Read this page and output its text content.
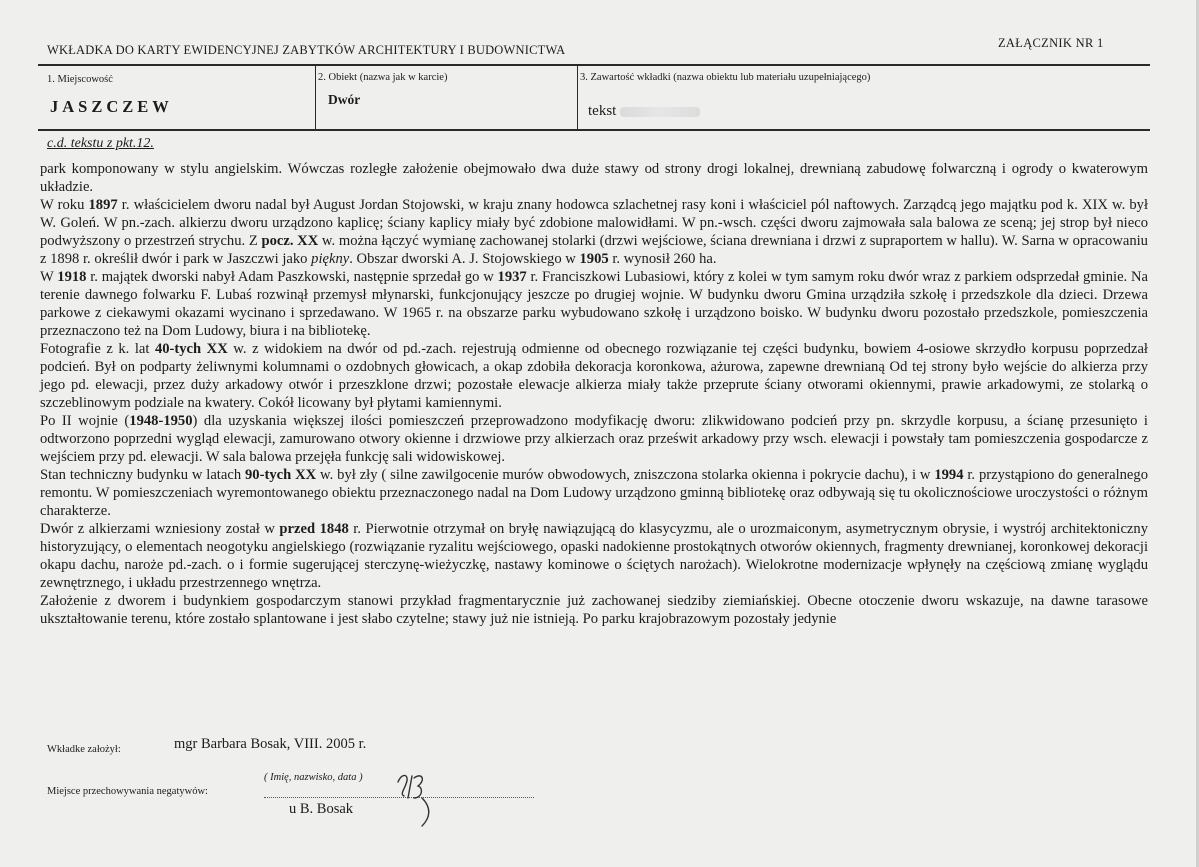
WKŁADKA DO KARTY EWIDENCYJNEJ ZABYTKÓW ARCHITEKTURY I BUDOWNICTWA	ZAŁĄCZNIK NR 1
1. Miejscowość
JASZCZEW
2. Obiekt (nazwa jak w karcie)
Dwór
3. Zawartość wkładki (nazwa obiektu lub materiału uzupełniającego)
tekst
c.d. tekstu z pkt.12.

park komponowany w stylu angielskim. Wówczas rozległe założenie obejmowało dwa duże stawy od strony drogi lokalnej, drewnianą zabudowę folwarczną i ogrody o kwaterowym układzie.

W roku 1897 r. właścicielem dworu nadal był August Jordan Stojowski, w kraju znany hodowca szlachetnej rasy koni i właściciel pól naftowych. Zarządcą jego majątku pod k. XIX w. był W. Goleń. W pn.-zach. alkierzu dworu urządzono kaplicę; ściany kaplicy miały być zdobione malowidłami. W pn.-wsch. części dworu zajmowała sala balowa ze sceną; jej strop był nieco podwyższony o przestrzeń strychu. Z pocz. XX w. można łączyć wymianę zachowanej stolarki (drzwi wejściowe, ściana drewniana i drzwi z supraportem w hallu). W. Sarna w opracowaniu z 1898 r. określił dwór i park w Jaszczwi jako piękny. Obszar dworski A. J. Stojowskiego w 1905 r. wynosił 260 ha.

W 1918 r. majątek dworski nabył Adam Paszkowski, następnie sprzedał go w 1937 r. Franciszkowi Lubasiowi, który z kolei w tym samym roku dwór wraz z parkiem odsprzedał gminie. Na terenie dawnego folwarku F. Lubaś rozwinął przemysł młynarski, funkcjonujący jeszcze po drugiej wojnie. W budynku dworu Gmina urządziła szkołę i przedszkole dla dzieci. Drzewa parkowe z ciekawymi okazami wycinano i sprzedawano. W 1965 r. na obszarze parku wybudowano szkołę i urządzono boisko. W budynku dworu pozostało przedszkole, pomieszczenia przeznaczono też na Dom Ludowy, biura i na bibliotekę.

Fotografie z k. lat 40-tych XX w. z widokiem na dwór od pd.-zach. rejestrują odmienne od obecnego rozwiązanie tej części budynku, bowiem 4-osiowe skrzydło korpusu poprzedzał podcień. Był on podparty żeliwnymi kolumnami o ozdobnych głowicach, a okap zdobiła dekoracja koronkowa, ażurowa, zapewne drewnianą Od tej strony było wejście do alkierza przy jego pd. elewacji, przez duży arkadowy otwór i przeszklone drzwi; pozostałe elewacje alkierza miały także przeprute ściany otworami okiennymi, prawie arkadowymi, ze stolarką o szczeblinowym podziale na kwatery. Cokół licowany był płytami kamiennymi.

Po II wojnie (1948-1950) dla uzyskania większej ilości pomieszczeń przeprowadzono modyfikację dworu: zlikwidowano podcień przy pn. skrzydle korpusu, a ścianę przesunięto i odtworzono poprzedni wygląd elewacji, zamurowano otwory okienne i drzwiowe przy alkierzach oraz prześwit arkadowy przy wsch. elewacji i powstały tam pomieszczenia gospodarcze z wejściem przy pd. elewacji. W sala balowa przejęła funkcję sali widowiskowej.

Stan techniczny budynku w latach 90-tych XX w. był zły ( silne zawilgocenie murów obwodowych, zniszczona stolarka okienna i pokrycie dachu), i w 1994 r. przystąpiono do generalnego remontu. W pomieszczeniach wyremontowanego obiektu przeznaczonego nadal na Dom Ludowy urządzono gminną bibliotekę oraz odbywają się tu okolicznościowe uroczystości o różnym charakterze.

Dwór z alkierzami wzniesiony został w przed 1848 r. Pierwotnie otrzymał on bryłę nawiązującą do klasycyzmu, ale o urozmaiconym, asymetrycznym obrysie, i wystrój architektoniczny historyzujący, o elementach neogotyku angielskiego (rozwiązanie ryzalitu wejściowego, opaski nadokienne prostokątnych otworów okiennych, fragmenty drewnianej, koronkowej dekoracji okapu dachu, naroże pd.-zach. o i formie sugerującej sterczynę-wieżyczkę, nastawy kominowe o ściętych narożach). Wielokrotne modernizacje wpłynęły na częściową zmianę wyglądu zewnętrznego, i układu przestrzennego wnętrza.

Założenie z dworem i budynkiem gospodarczym stanowi przykład fragmentarycznie już zachowanej siedziby ziemiańskiej. Obecne otoczenie dworu wskazuje, na dawne tarasowe ukształtowanie terenu, które zostało splantowane i jest słabo czytelne; stawy już nie istnieją. Po parku krajobrazowym pozostały jedynie

Wkładke założył:	mgr Barbara Bosak, VIII. 2005 r.
( Imię, nazwisko, data )
Miejsce przechowywania negatywów:
u B. Bosak
